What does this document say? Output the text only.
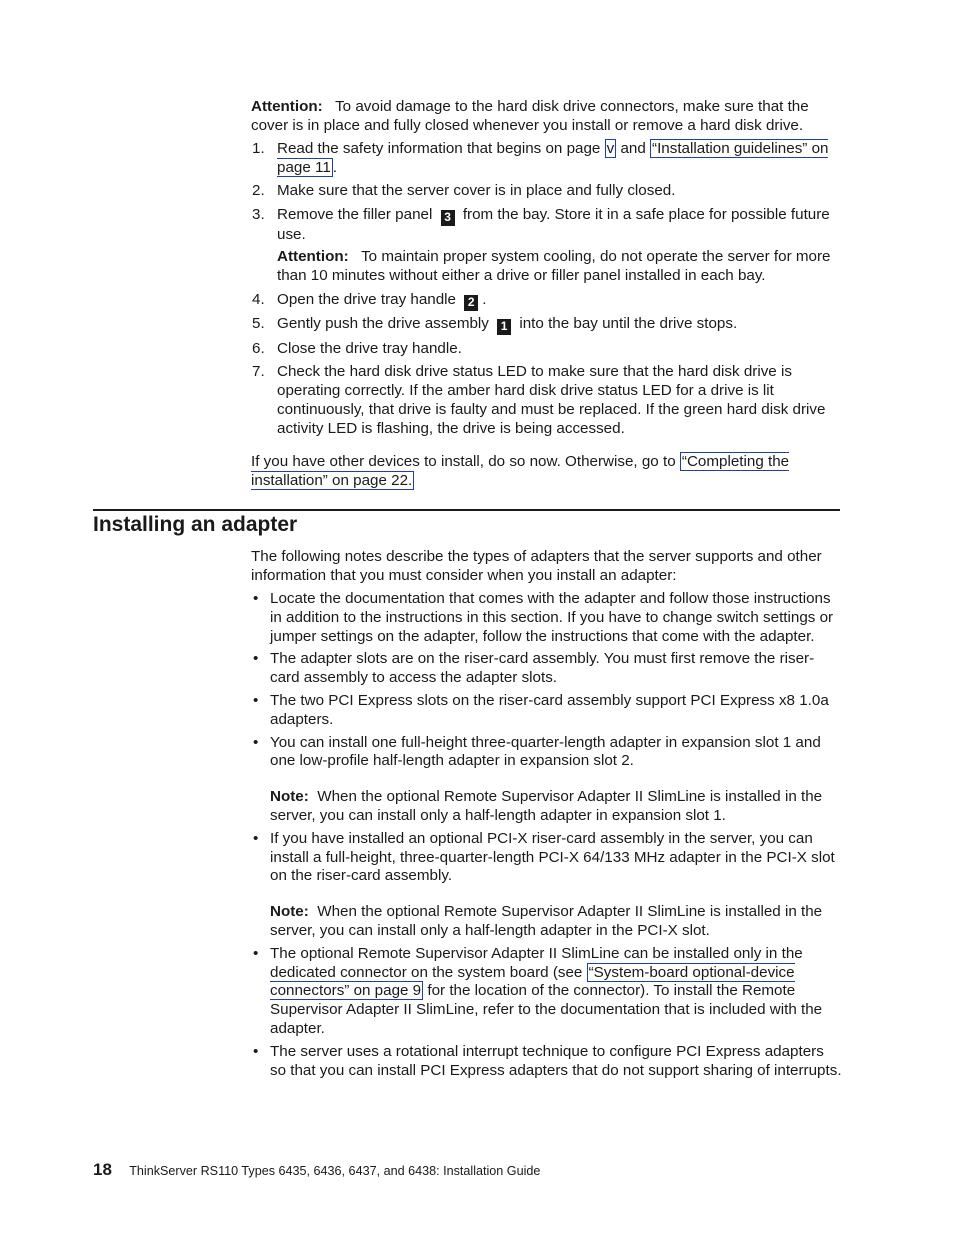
Attention: To avoid damage to the hard disk drive connectors, make sure that the cover is in place and fully closed whenever you install or remove a hard disk drive.

1. Read the safety information that begins on page v and “Installation guidelines” on page 11 .
2. Make sure that the server cover is in place and fully closed.
3. Remove the filler panel 3 from the bay. Store it in a safe place for possible future use.

Attention: To maintain proper system cooling, do not operate the server for more than 10 minutes without either a drive or filler panel installed in each bay.

4. Open the drive tray handle 2 .
5. Gently push the drive assembly 1 into the bay until the drive stops.
6. Close the drive tray handle.
7. Check the hard disk drive status LED to make sure that the hard disk drive is operating correctly. If the amber hard disk drive status LED for a drive is lit continuously, that drive is faulty and must be replaced. If the green hard disk drive activity LED is flashing, the drive is being accessed.

If you have other devices to install, do so now. Otherwise, go to “Completing the installation” on page 22.

Installing an adapter

The following notes describe the types of adapters that the server supports and other information that you must consider when you install an adapter:

• Locate the documentation that comes with the adapter and follow those instructions in addition to the instructions in this section. If you have to change switch settings or jumper settings on the adapter, follow the instructions that come with the adapter.
• The adapter slots are on the riser-card assembly. You must first remove the riser-card assembly to access the adapter slots.
• The two PCI Express slots on the riser-card assembly support PCI Express x8 1.0a adapters.
• You can install one full-height three-quarter-length adapter in expansion slot 1 and one low-profile half-length adapter in expansion slot 2.

Note: When the optional Remote Supervisor Adapter II SlimLine is installed in the server, you can install only a half-length adapter in expansion slot 1.

• If you have installed an optional PCI-X riser-card assembly in the server, you can install a full-height, three-quarter-length PCI-X 64/133 MHz adapter in the PCI-X slot on the riser-card assembly.

Note: When the optional Remote Supervisor Adapter II SlimLine is installed in the server, you can install only a half-length adapter in the PCI-X slot.

• The optional Remote Supervisor Adapter II SlimLine can be installed only in the dedicated connector on the system board (see “System-board optional-device connectors” on page 9 for the location of the connector). To install the Remote Supervisor Adapter II SlimLine, refer to the documentation that is included with the adapter.
• The server uses a rotational interrupt technique to configure PCI Express adapters so that you can install PCI Express adapters that do not support sharing of interrupts.
18 ThinkServer RS110 Types 6435, 6436, 6437, and 6438: Installation Guide
